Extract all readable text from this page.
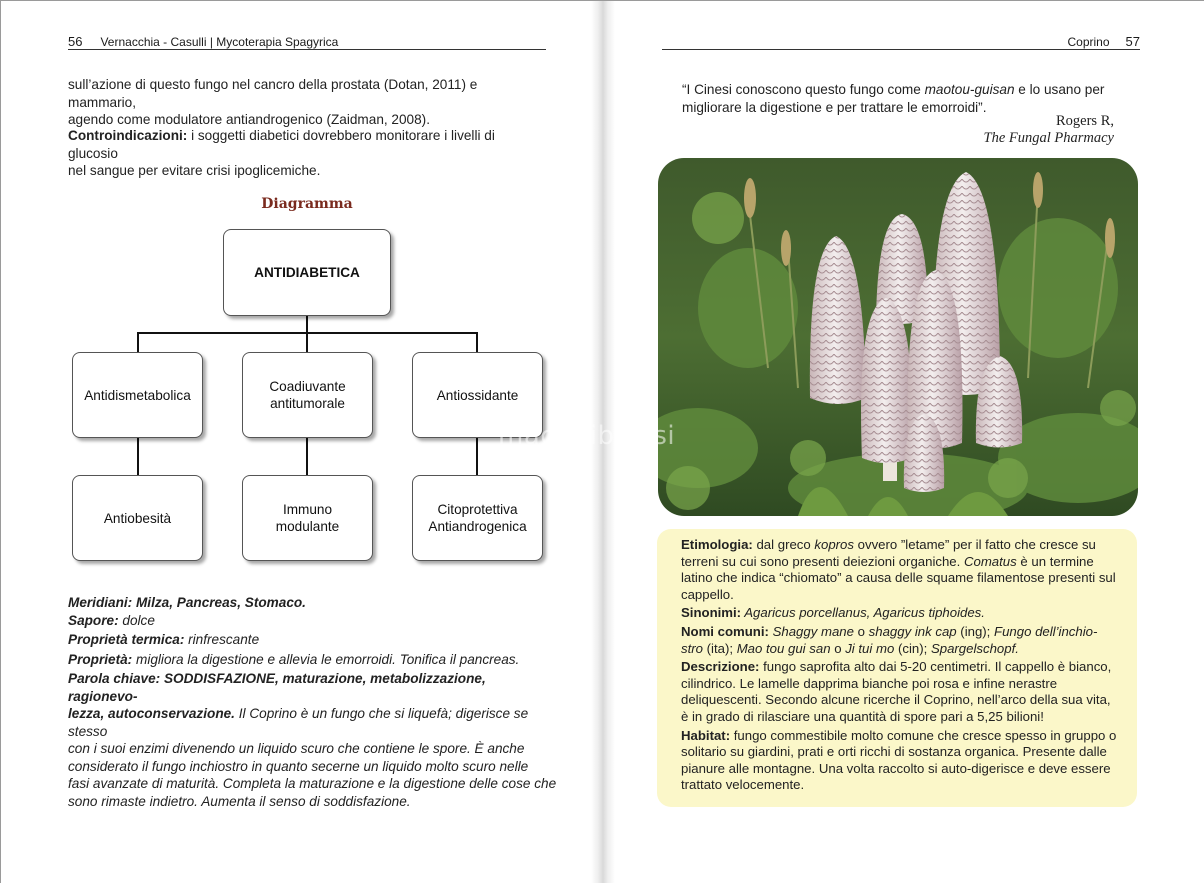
56 Vernacchia - Casulli | Mycoterapia Spagyrica
sull’azione di questo fungo nel cancro della prostata (Dotan, 2011) e mammario,
agendo come modulatore antiandrogenico (Zaidman, 2008).
Controindicazioni: i soggetti diabetici dovrebbero monitorare i livelli di glucosio
nel sangue per evitare crisi ipoglicemiche.
Diagramma
ANTIDIABETICA
Antidismetabolica
Coadiuvante
antitumorale
Antiossidante
Antiobesità
Immuno
modulante
Citoprotettiva
Antiandrogenica
Meridiani: Milza, Pancreas, Stomaco.
Sapore: dolce
Proprietà termica: rinfrescante
Proprietà: migliora la digestione e allevia le emorroidi. Tonifica il pancreas.
Parola chiave: SODDISFAZIONE, maturazione, metabolizzazione, ragionevo-
lezza, autoconservazione. Il Coprino è un fungo che si liquefà; digerisce se stesso
con i suoi enzimi divenendo un liquido scuro che contiene le spore. È anche
considerato il fungo inchiostro in quanto secerne un liquido molto scuro nelle
fasi avanzate di maturità. Completa la maturazione e la digestione delle cose che
sono rimaste indietro. Aumenta il senso di soddisfazione.
Coprino 57
“I Cinesi conoscono questo fungo come maotou-guisan e lo usano per
migliorare la digestione e per trattare le emorroidi”.
Rogers R,
The Fungal Pharmacy
macrolibrarsi

Etimologia: dal greco kopros ovvero ”letame” per il fatto che cresce su terreni su cui sono presenti deiezioni organiche. Comatus è un termine latino che indica “chiomato” a causa delle squame filamentose presenti sul cappello.

Sinonimi: Agaricus porcellanus, Agaricus tiphoides.

Nomi comuni: Shaggy mane o shaggy ink cap (ing); Fungo dell’inchio-stro (ita); Mao tou gui san o Ji tui mo (cin); Spargelschopf.

Descrizione: fungo saprofita alto dai 5-20 centimetri. Il cappello è bianco, cilindrico. Le lamelle dapprima bianche poi rosa e infine nerastre deliquescenti. Secondo alcune ricerche il Coprino, nell’arco della sua vita, è in grado di rilasciare una quantità di spore pari a 5,25 bilioni!

Habitat: fungo commestibile molto comune che cresce spesso in gruppo o solitario su giardini, prati e orti ricchi di sostanza organica. Presente dalle pianure alle montagne. Una volta raccolto si auto-digerisce e deve essere trattato velocemente.
